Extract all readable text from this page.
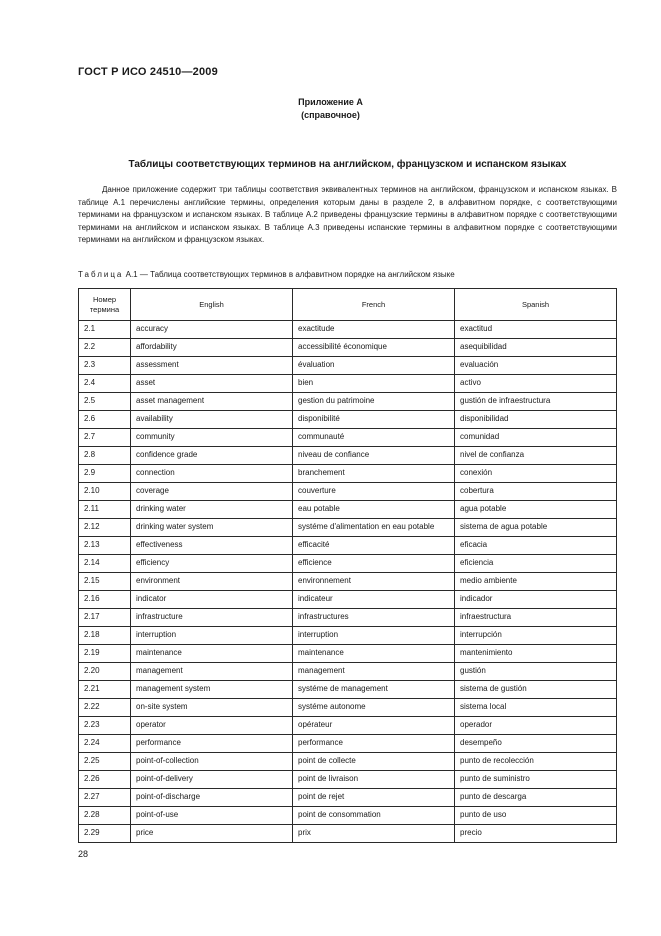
ГОСТ Р ИСО 24510—2009
Приложение А
(справочное)
Таблицы соответствующих терминов на английском, французском и испанском языках

Данное приложение содержит три таблицы соответствия эквивалентных терминов на английском, французском и испанском языках. В таблице А.1 перечислены английские термины, определения которым даны в разделе 2, в алфавитном порядке, с соответствующими терминами на французском и испанском языках. В таблице А.2 приведены французские термины в алфавитном порядке с соответствующими терминами на английском и испанском языках. В таблице А.3 приведены испанские термины в алфавитном порядке с соответствующими терминами на английском и французском языках.

Таблица А.1 — Таблица соответствующих терминов в алфавитном порядке на английском языке
Номер термина	English	French	Spanish
2.1	accuracy	exactitude	exactitud
2.2	affordability	accessibilité économique	asequibilidad
2.3	assessment	évaluation	evaluación
2.4	asset	bien	activo
2.5	asset management	gestion du patrimoine	gustión de infraestructura
2.6	availability	disponibilité	disponibilidad
2.7	community	communauté	comunidad
2.8	confidence grade	niveau de confiance	nivel de confianza
2.9	connection	branchement	conexión
2.10	coverage	couverture	cobertura
2.11	drinking water	eau potable	agua potable
2.12	drinking water system	systéme d'alimentation en eau potable	sistema de agua potable
2.13	effectiveness	efficacité	eficacia
2.14	efficiency	efficience	eficiencia
2.15	environment	environnement	medio ambiente
2.16	indicator	indicateur	indicador
2.17	infrastructure	infrastructures	infraestructura
2.18	interruption	interruption	interrupción
2.19	maintenance	maintenance	mantenimiento
2.20	management	management	gustión
2.21	management system	systéme de management	sistema de gustión
2.22	on-site system	systéme autonome	sistema local
2.23	operator	opérateur	operador
2.24	performance	performance	desempeño
2.25	point-of-collection	point de collecte	punto de recolección
2.26	point-of-delivery	point de livraison	punto de suministro
2.27	point-of-discharge	point de rejet	punto de descarga
2.28	point-of-use	point de consommation	punto de uso
2.29	price	prix	precio
28
